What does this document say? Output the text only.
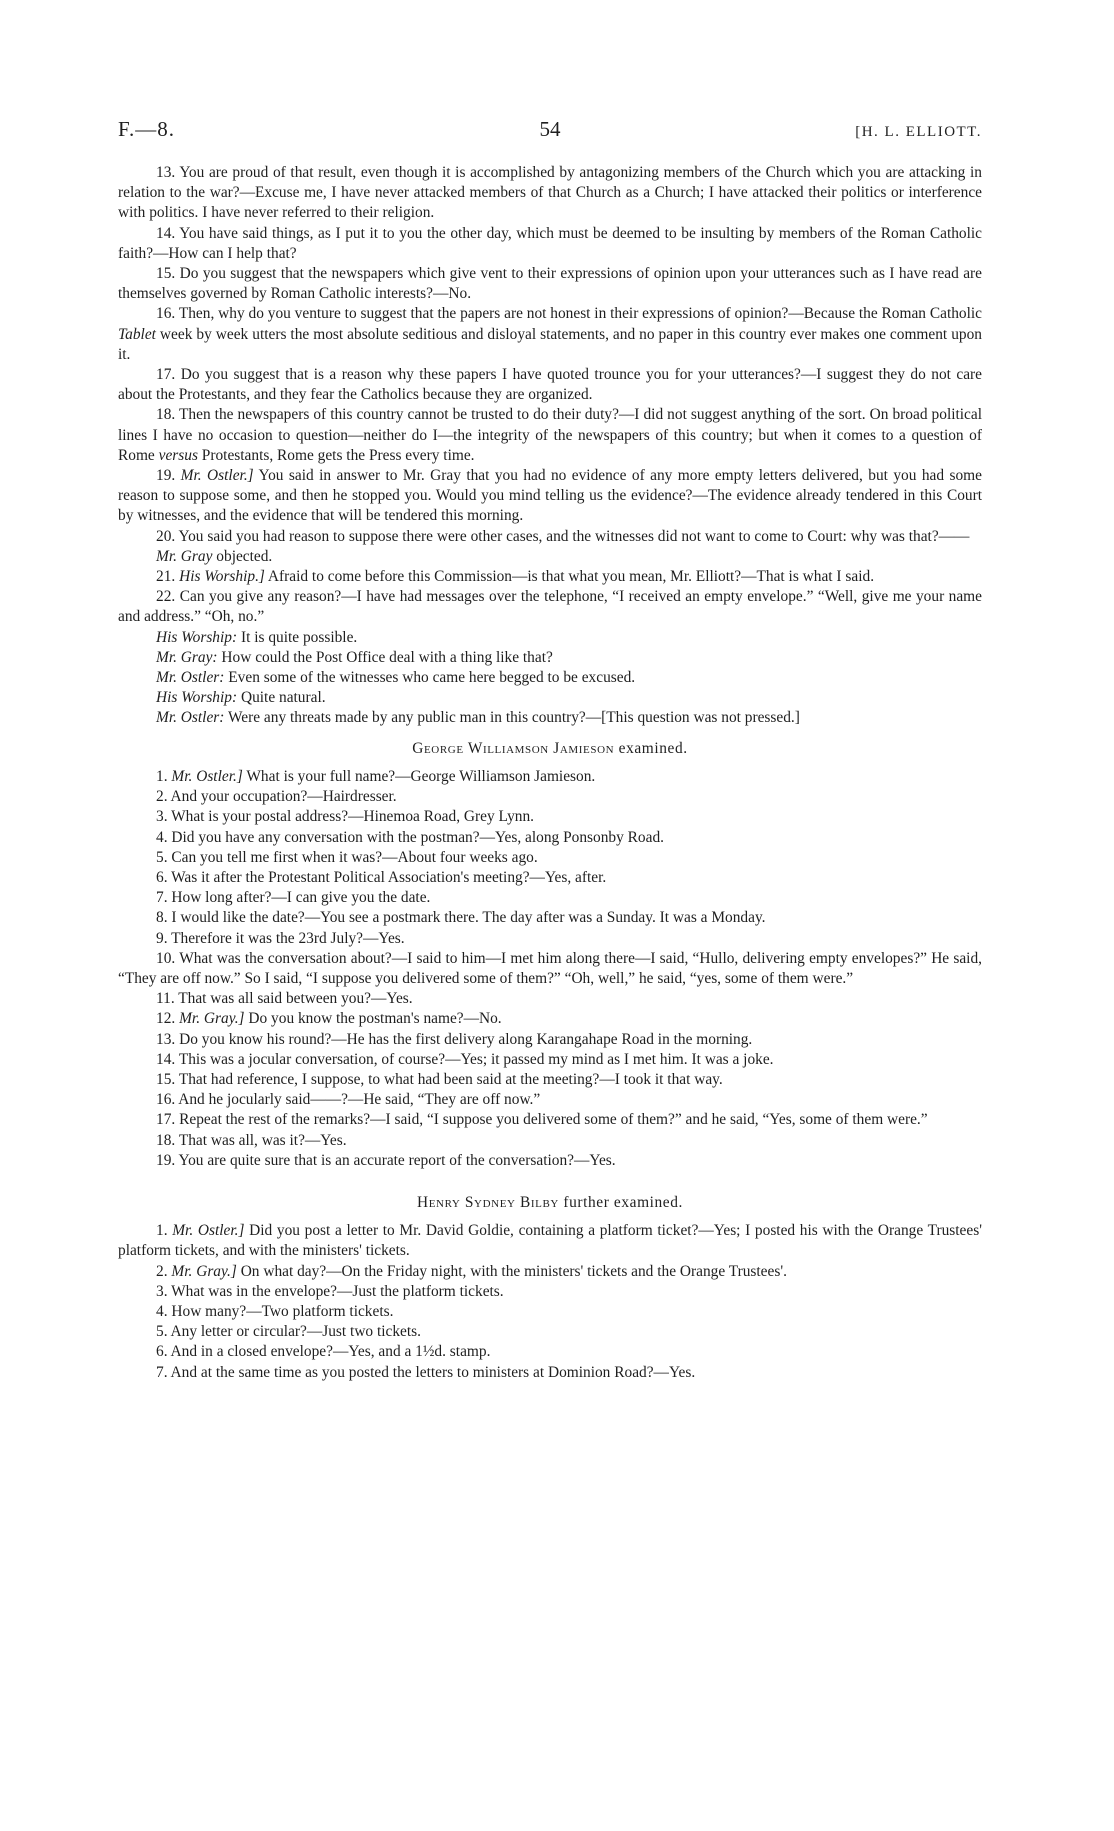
F.—8.	54	[H. L. ELLIOTT.

13. You are proud of that result, even though it is accomplished by antagonizing members of the Church which you are attacking in relation to the war?—Excuse me, I have never attacked members of that Church as a Church; I have attacked their politics or interference with politics. I have never referred to their religion.

14. You have said things, as I put it to you the other day, which must be deemed to be insulting by members of the Roman Catholic faith?—How can I help that?

15. Do you suggest that the newspapers which give vent to their expressions of opinion upon your utterances such as I have read are themselves governed by Roman Catholic interests?—No.

16. Then, why do you venture to suggest that the papers are not honest in their expressions of opinion?—Because the Roman Catholic Tablet week by week utters the most absolute seditious and disloyal statements, and no paper in this country ever makes one comment upon it.

17. Do you suggest that is a reason why these papers I have quoted trounce you for your utterances?—I suggest they do not care about the Protestants, and they fear the Catholics because they are organized.

18. Then the newspapers of this country cannot be trusted to do their duty?—I did not suggest anything of the sort. On broad political lines I have no occasion to question—neither do I—the integrity of the newspapers of this country; but when it comes to a question of Rome versus Protestants, Rome gets the Press every time.

19. Mr. Ostler.] You said in answer to Mr. Gray that you had no evidence of any more empty letters delivered, but you had some reason to suppose some, and then he stopped you. Would you mind telling us the evidence?—The evidence already tendered in this Court by witnesses, and the evidence that will be tendered this morning.

20. You said you had reason to suppose there were other cases, and the witnesses did not want to come to Court: why was that?——

Mr. Gray objected.

21. His Worship.] Afraid to come before this Commission—is that what you mean, Mr. Elliott?—That is what I said.

22. Can you give any reason?—I have had messages over the telephone, “I received an empty envelope.” “Well, give me your name and address.” “Oh, no.”

His Worship: It is quite possible.

Mr. Gray: How could the Post Office deal with a thing like that?

Mr. Ostler: Even some of the witnesses who came here begged to be excused.

His Worship: Quite natural.

Mr. Ostler: Were any threats made by any public man in this country?—[This question was not pressed.]

George Williamson Jamieson examined.

1. Mr. Ostler.] What is your full name?—George Williamson Jamieson.

2. And your occupation?—Hairdresser.

3. What is your postal address?—Hinemoa Road, Grey Lynn.

4. Did you have any conversation with the postman?—Yes, along Ponsonby Road.

5. Can you tell me first when it was?—About four weeks ago.

6. Was it after the Protestant Political Association's meeting?—Yes, after.

7. How long after?—I can give you the date.

8. I would like the date?—You see a postmark there. The day after was a Sunday. It was a Monday.

9. Therefore it was the 23rd July?—Yes.

10. What was the conversation about?—I said to him—I met him along there—I said, “Hullo, delivering empty envelopes?” He said, “They are off now.” So I said, “I suppose you delivered some of them?” “Oh, well,” he said, “yes, some of them were.”

11. That was all said between you?—Yes.

12. Mr. Gray.] Do you know the postman's name?—No.

13. Do you know his round?—He has the first delivery along Karangahape Road in the morning.

14. This was a jocular conversation, of course?—Yes; it passed my mind as I met him. It was a joke.

15. That had reference, I suppose, to what had been said at the meeting?—I took it that way.

16. And he jocularly said——?—He said, “They are off now.”

17. Repeat the rest of the remarks?—I said, “I suppose you delivered some of them?” and he said, “Yes, some of them were.”

18. That was all, was it?—Yes.

19. You are quite sure that is an accurate report of the conversation?—Yes.

Henry Sydney Bilby further examined.

1. Mr. Ostler.] Did you post a letter to Mr. David Goldie, containing a platform ticket?—Yes; I posted his with the Orange Trustees' platform tickets, and with the ministers' tickets.

2. Mr. Gray.] On what day?—On the Friday night, with the ministers' tickets and the Orange Trustees'.

3. What was in the envelope?—Just the platform tickets.

4. How many?—Two platform tickets.

5. Any letter or circular?—Just two tickets.

6. And in a closed envelope?—Yes, and a 1½d. stamp.

7. And at the same time as you posted the letters to ministers at Dominion Road?—Yes.
